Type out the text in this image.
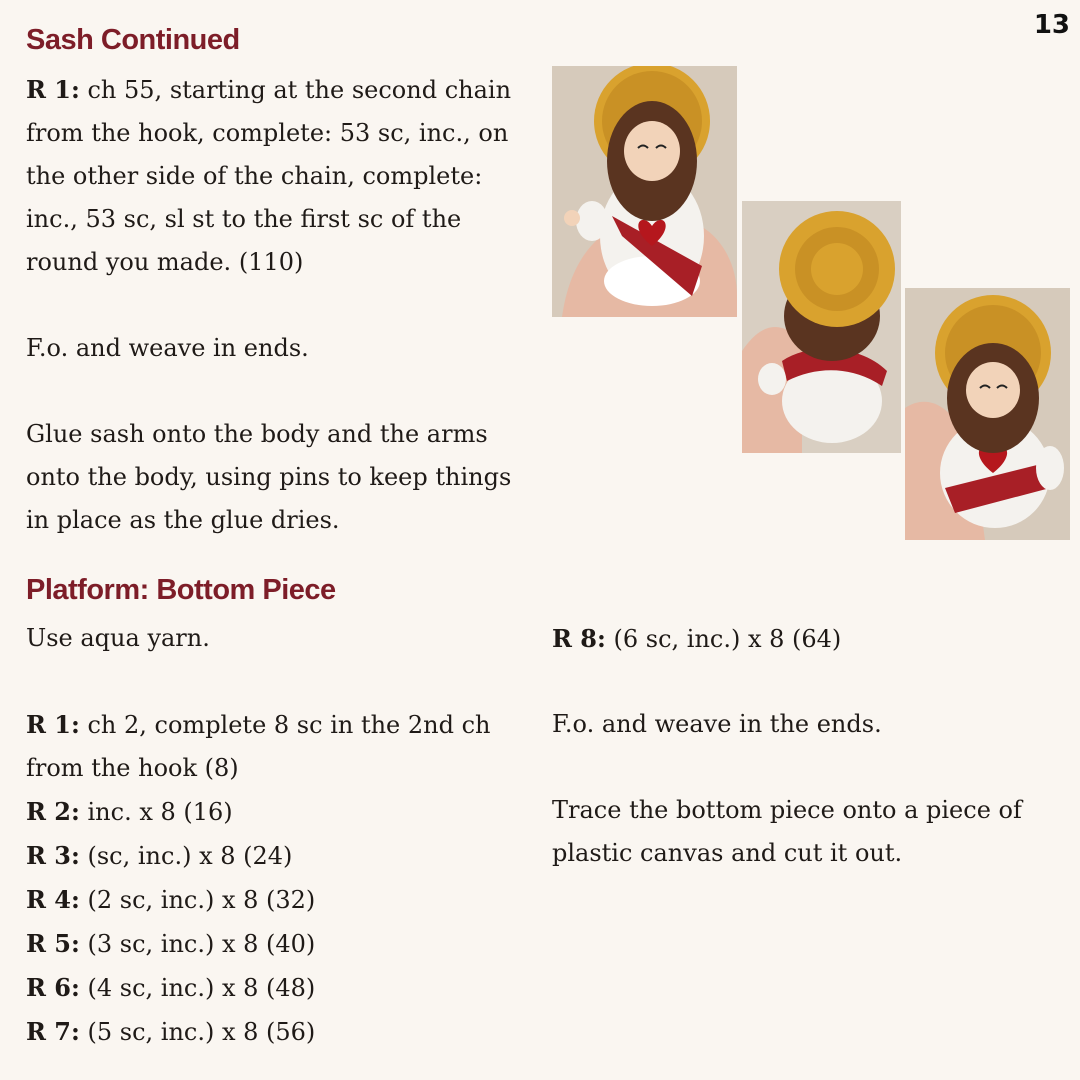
13
Sash Continued

R 1: ch 55, starting at the second chain from the hook, complete: 53 sc, inc., on the other side of the chain, complete: inc., 53 sc, sl st to the first sc of the round you made. (110)

F.o. and weave in ends.

Glue sash onto the body and the arms onto the body, using pins to keep things in place as the glue dries.

Platform: Bottom Piece

Use aqua yarn.

R 1: ch 2, complete 8 sc in the 2nd ch from the hook (8)

R 2: inc. x 8 (16)

R 3: (sc, inc.) x 8 (24)

R 4: (2 sc, inc.) x 8 (32)

R 5: (3 sc, inc.) x 8 (40)

R 6: (4 sc, inc.) x 8 (48)

R 7: (5 sc, inc.) x 8 (56)

R 8: (6 sc, inc.) x 8 (64)

F.o. and weave in the ends.

Trace the bottom piece onto a piece of plastic canvas and cut it out.
